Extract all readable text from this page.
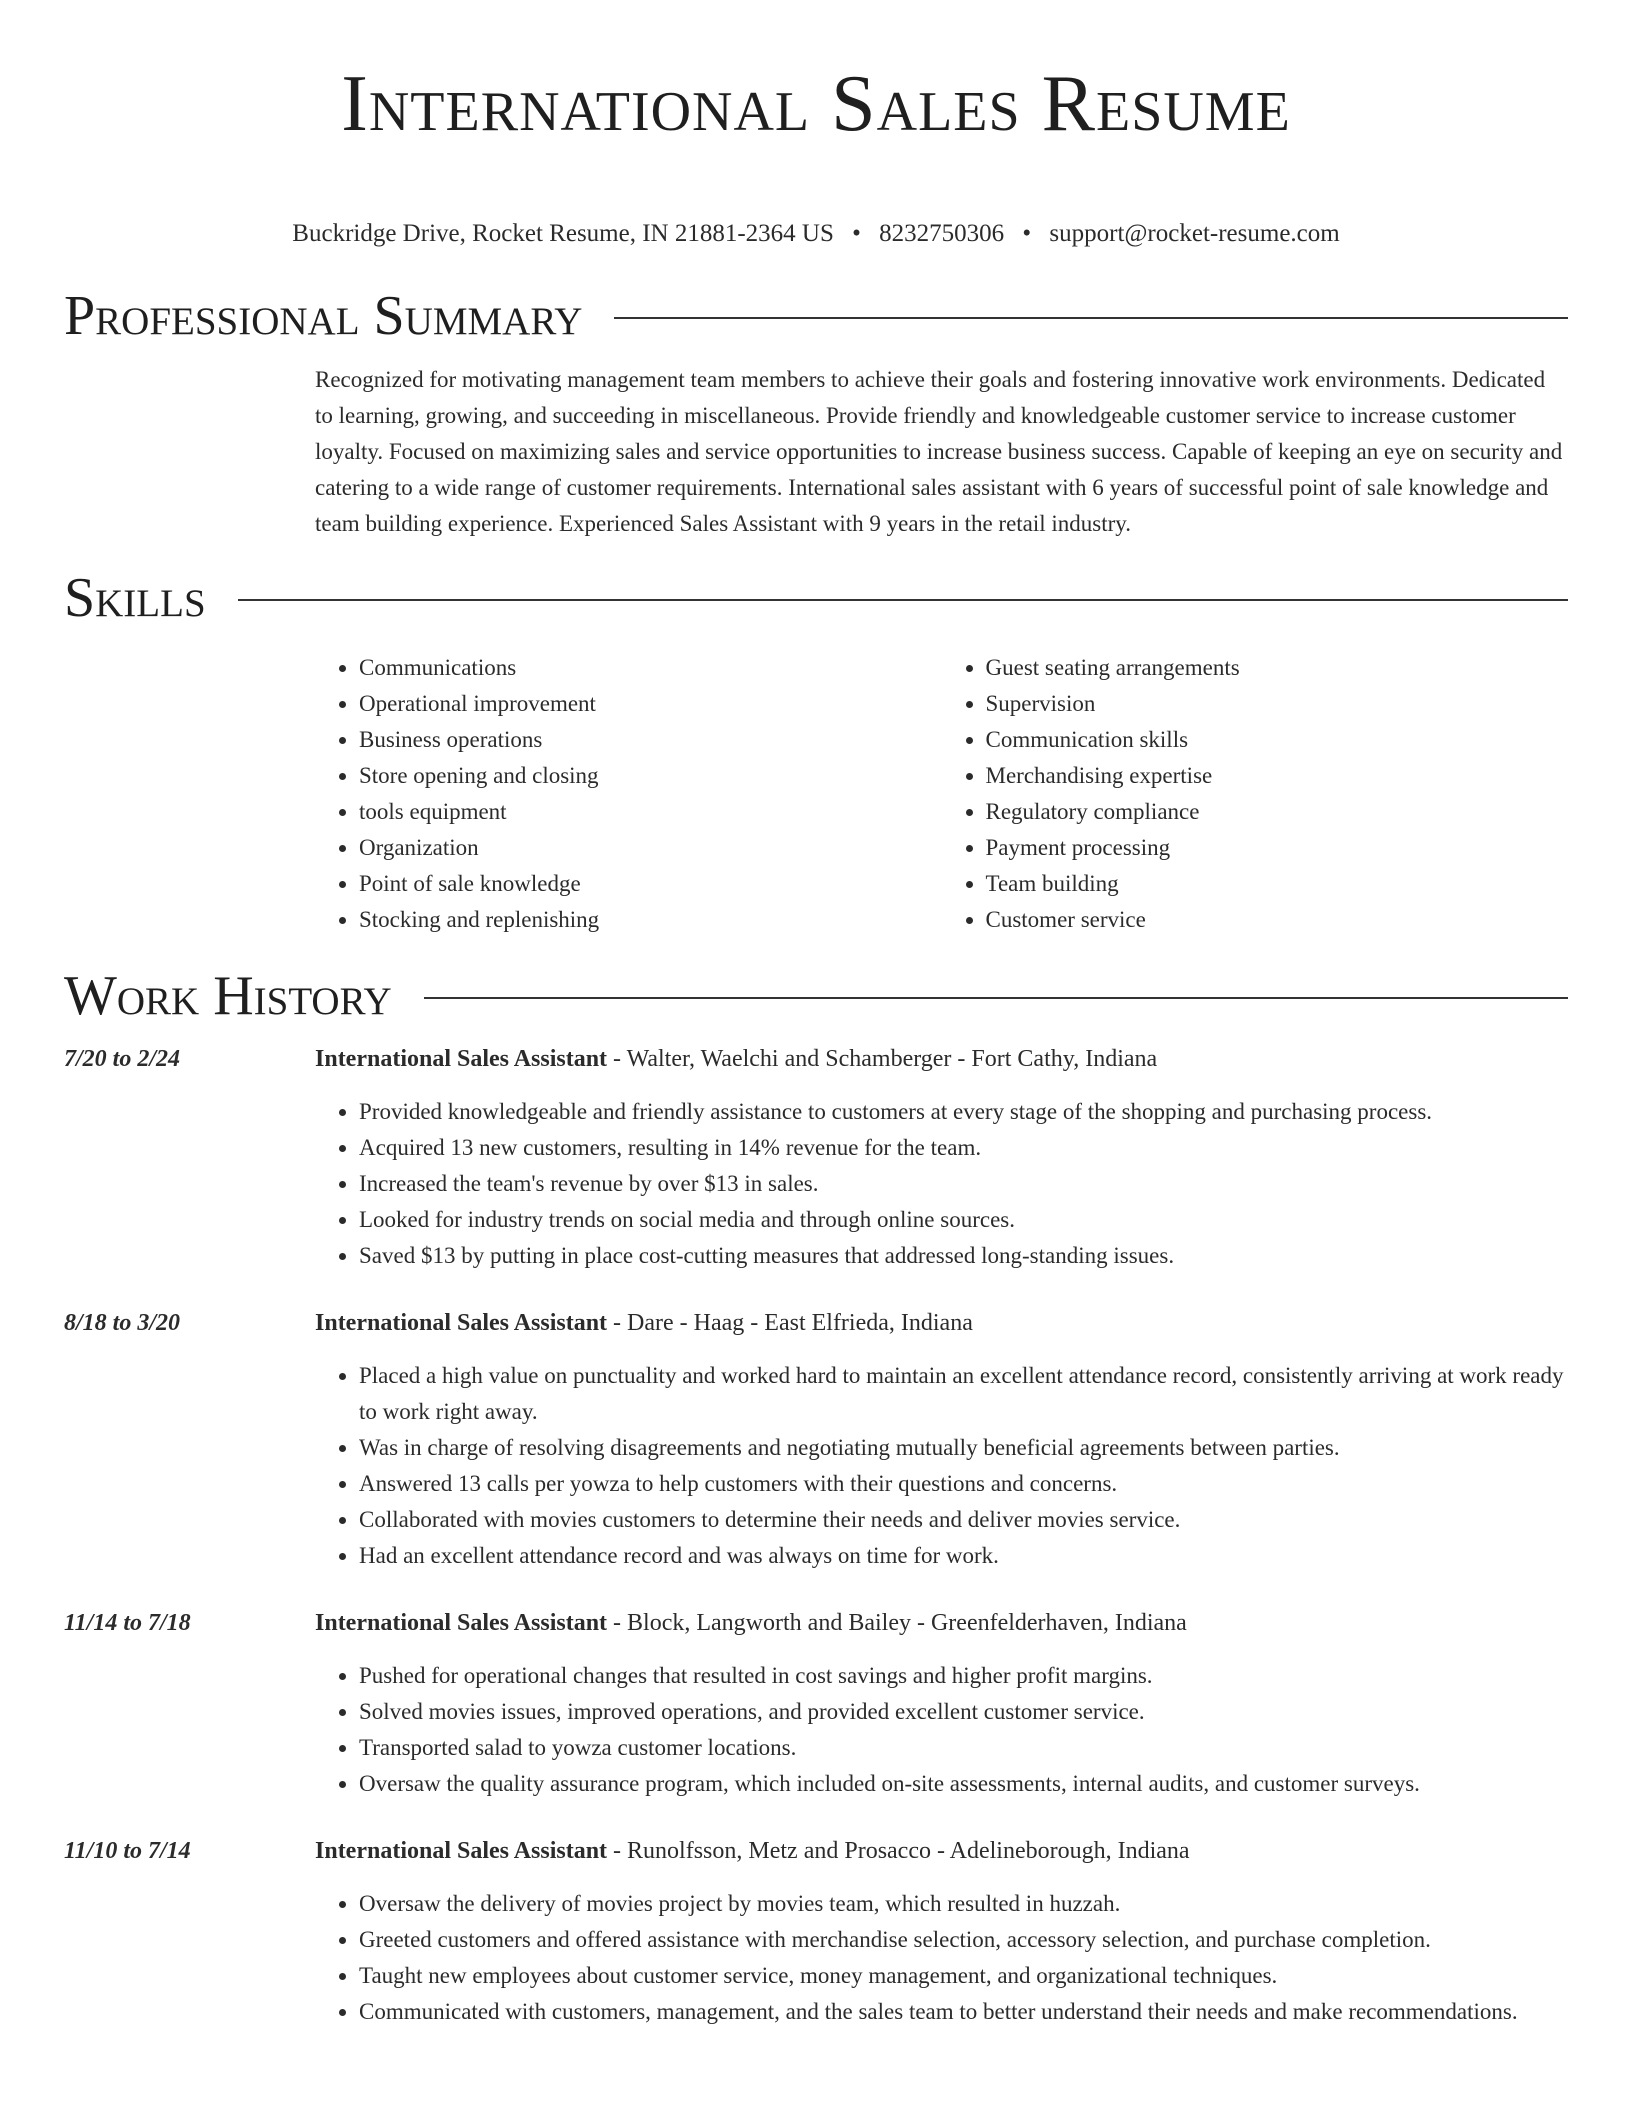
International Sales Resume
Buckridge Drive, Rocket Resume, IN 21881-2364 US • 8232750306 • support@rocket-resume.com
Professional Summary

Recognized for motivating management team members to achieve their goals and fostering innovative work environments. Dedicated to learning, growing, and succeeding in miscellaneous. Provide friendly and knowledgeable customer service to increase customer loyalty. Focused on maximizing sales and service opportunities to increase business success. Capable of keeping an eye on security and catering to a wide range of customer requirements. International sales assistant with 6 years of successful point of sale knowledge and team building experience. Experienced Sales Assistant with 9 years in the retail industry.

Skills
• Communications
• Operational improvement
• Business operations
• Store opening and closing
• tools equipment
• Organization
• Point of sale knowledge
• Stocking and replenishing
• Guest seating arrangements
• Supervision
• Communication skills
• Merchandising expertise
• Regulatory compliance
• Payment processing
• Team building
• Customer service
Work History
7/20 to 2/24	International Sales Assistant - Walter, Waelchi and Schamberger - Fort Cathy, Indiana
• Provided knowledgeable and friendly assistance to customers at every stage of the shopping and purchasing process.
• Acquired 13 new customers, resulting in 14% revenue for the team.
• Increased the team's revenue by over $13 in sales.
• Looked for industry trends on social media and through online sources.
• Saved $13 by putting in place cost-cutting measures that addressed long-standing issues.
8/18 to 3/20	International Sales Assistant - Dare - Haag - East Elfrieda, Indiana
• Placed a high value on punctuality and worked hard to maintain an excellent attendance record, consistently arriving at work ready to work right away.
• Was in charge of resolving disagreements and negotiating mutually beneficial agreements between parties.
• Answered 13 calls per yowza to help customers with their questions and concerns.
• Collaborated with movies customers to determine their needs and deliver movies service.
• Had an excellent attendance record and was always on time for work.
11/14 to 7/18	International Sales Assistant - Block, Langworth and Bailey - Greenfelderhaven, Indiana
• Pushed for operational changes that resulted in cost savings and higher profit margins.
• Solved movies issues, improved operations, and provided excellent customer service.
• Transported salad to yowza customer locations.
• Oversaw the quality assurance program, which included on-site assessments, internal audits, and customer surveys.
11/10 to 7/14	International Sales Assistant - Runolfsson, Metz and Prosacco - Adelineborough, Indiana
• Oversaw the delivery of movies project by movies team, which resulted in huzzah.
• Greeted customers and offered assistance with merchandise selection, accessory selection, and purchase completion.
• Taught new employees about customer service, money management, and organizational techniques.
• Communicated with customers, management, and the sales team to better understand their needs and make recommendations.
